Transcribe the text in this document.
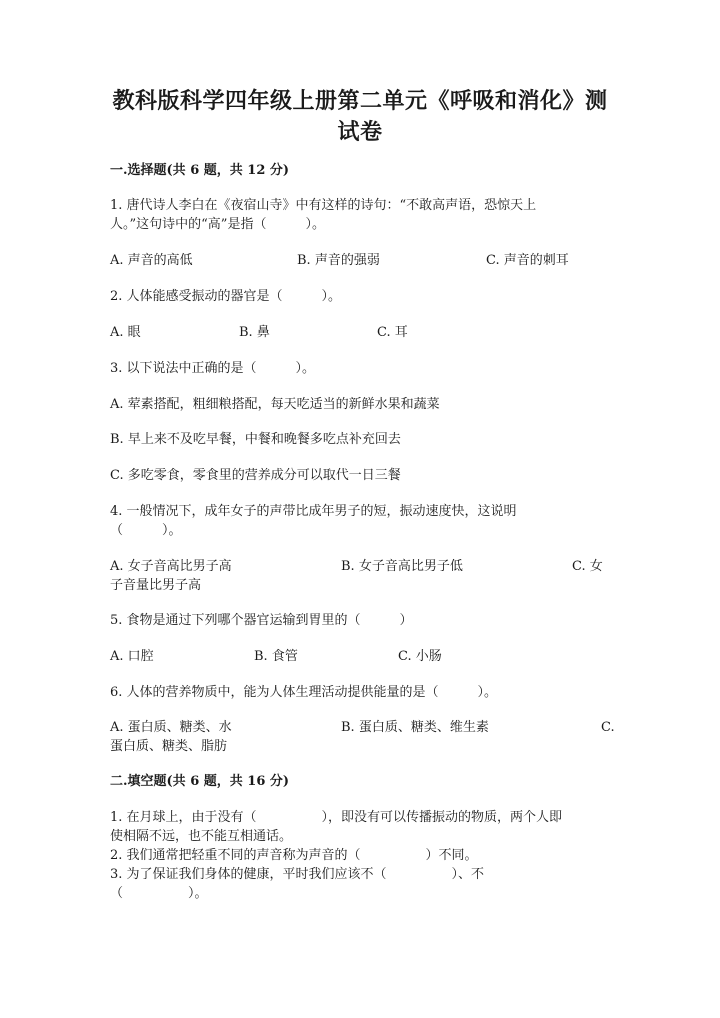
教科版科学四年级上册第二单元《呼吸和消化》测
试卷
一.选择题(共 6 题，共 12 分)
1. 唐代诗人李白在《夜宿山寺》中有这样的诗句：“不敢高声语，恐惊天上
人。”这句诗中的“高”是指（　　　）。
A. 声音的高低	B. 声音的强弱	C. 声音的刺耳
2. 人体能感受振动的器官是（　　　）。
A. 眼	B. 鼻	C. 耳
3. 以下说法中正确的是（　　　）。
A. 荤素搭配，粗细粮搭配，每天吃适当的新鲜水果和蔬菜
B. 早上来不及吃早餐，中餐和晚餐多吃点补充回去
C. 多吃零食，零食里的营养成分可以取代一日三餐
4. 一般情况下，成年女子的声带比成年男子的短，振动速度快，这说明
（　　　）。
A. 女子音高比男子高	B. 女子音高比男子低	C. 女
子音量比男子高
5. 食物是通过下列哪个器官运输到胃里的（　　　）
A. 口腔	B. 食管	C. 小肠
6. 人体的营养物质中，能为人体生理活动提供能量的是（　　　）。
A. 蛋白质、糖类、水	B. 蛋白质、糖类、维生素	C.
蛋白质、糖类、脂肪
二.填空题(共 6 题，共 16 分)
1. 在月球上，由于没有（　　　　　），即没有可以传播振动的物质，两个人即
使相隔不远，也不能互相通话。
2. 我们通常把轻重不同的声音称为声音的（　　　　　）不同。
3. 为了保证我们身体的健康，平时我们应该不（　　　　　）、不
（　　　　　）。
